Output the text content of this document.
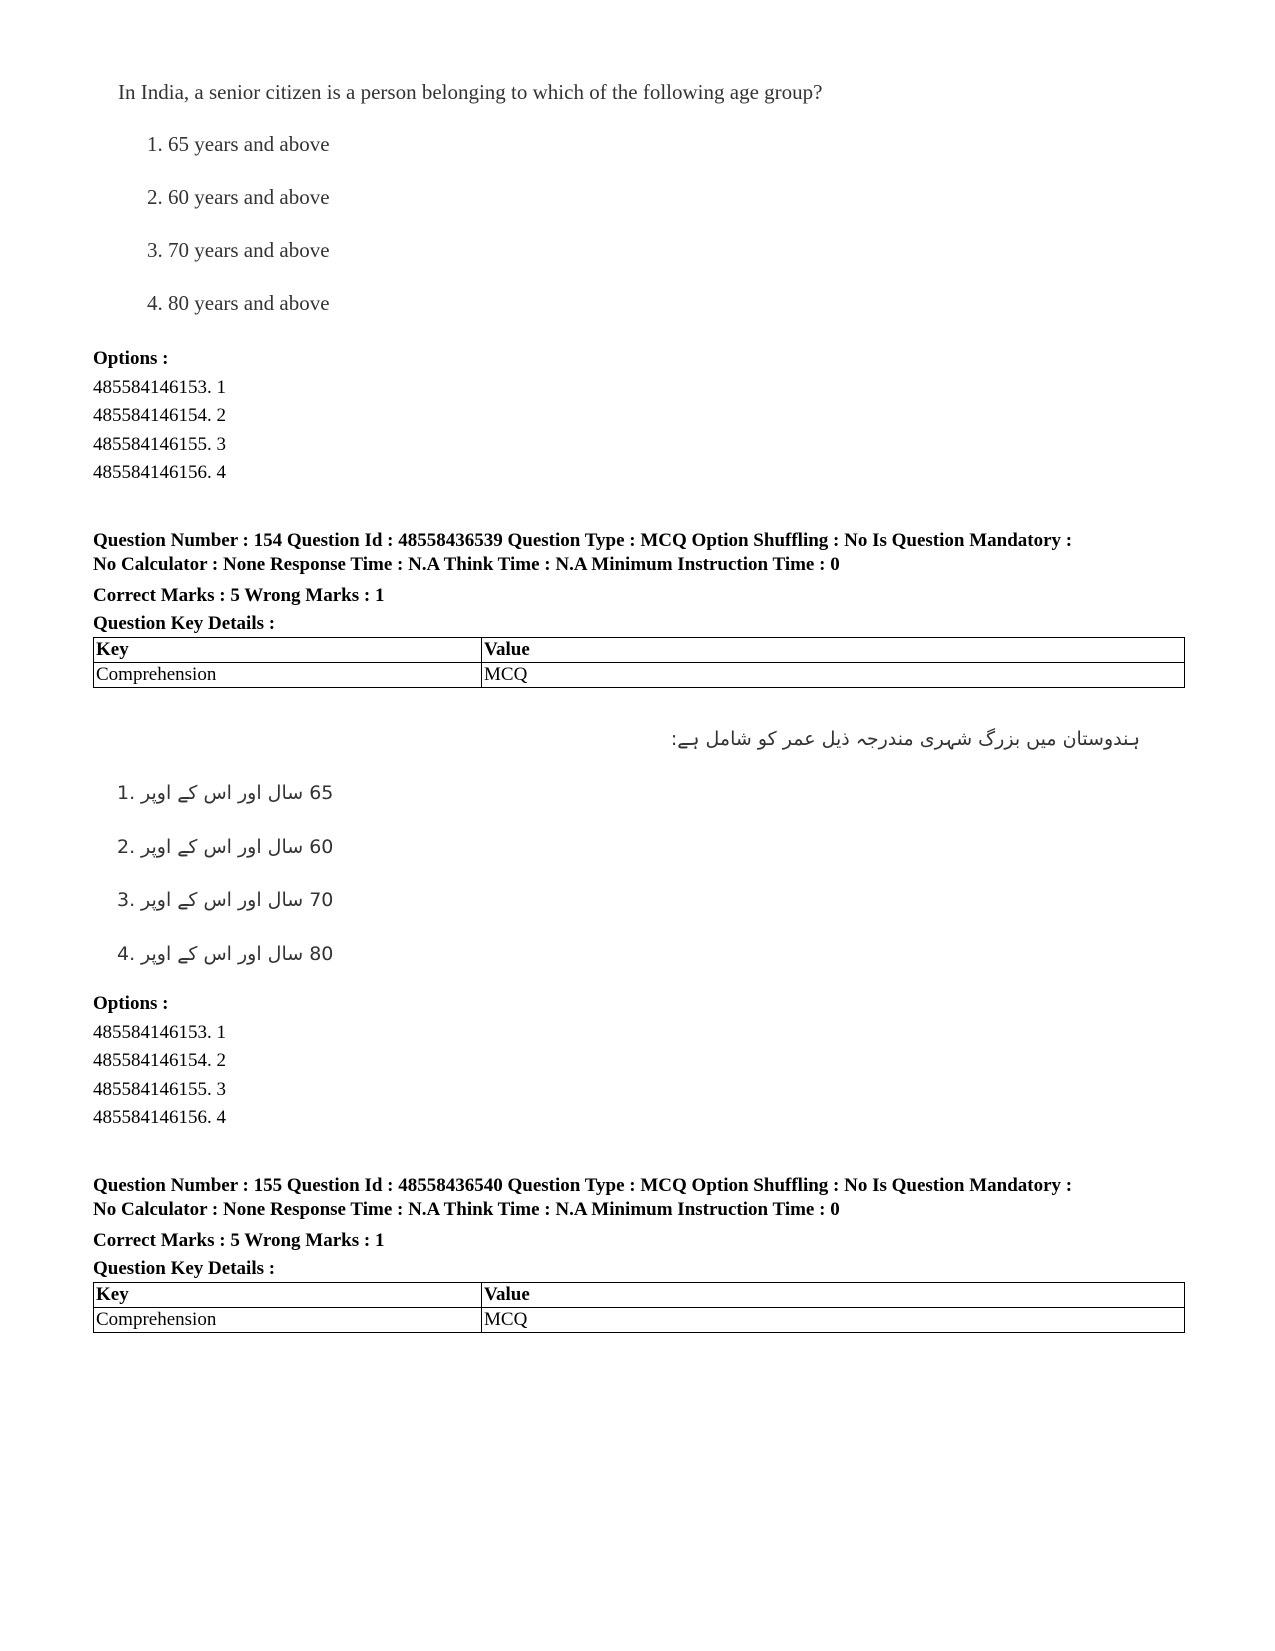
In India, a senior citizen is a person belonging to which of the following age group?
1. 65 years and above
2. 60 years and above
3. 70 years and above
4. 80 years and above
Options :
485584146153. 1
485584146154. 2
485584146155. 3
485584146156. 4
Question Number : 154 Question Id : 48558436539 Question Type : MCQ Option Shuffling : No Is Question Mandatory :
No Calculator : None Response Time : N.A Think Time : N.A Minimum Instruction Time : 0
Correct Marks : 5 Wrong Marks : 1
Question Key Details :
Key	Value
Comprehension	MCQ
ہندوستان میں بزرگ شہری مندرجہ ذیل عمر کو شامل ہے:
1. 65 سال اور اس کے اوپر
2. 60 سال اور اس کے اوپر
3. 70 سال اور اس کے اوپر
4. 80 سال اور اس کے اوپر
Options :
485584146153. 1
485584146154. 2
485584146155. 3
485584146156. 4
Question Number : 155 Question Id : 48558436540 Question Type : MCQ Option Shuffling : No Is Question Mandatory :
No Calculator : None Response Time : N.A Think Time : N.A Minimum Instruction Time : 0
Correct Marks : 5 Wrong Marks : 1
Question Key Details :
Key	Value
Comprehension	MCQ
